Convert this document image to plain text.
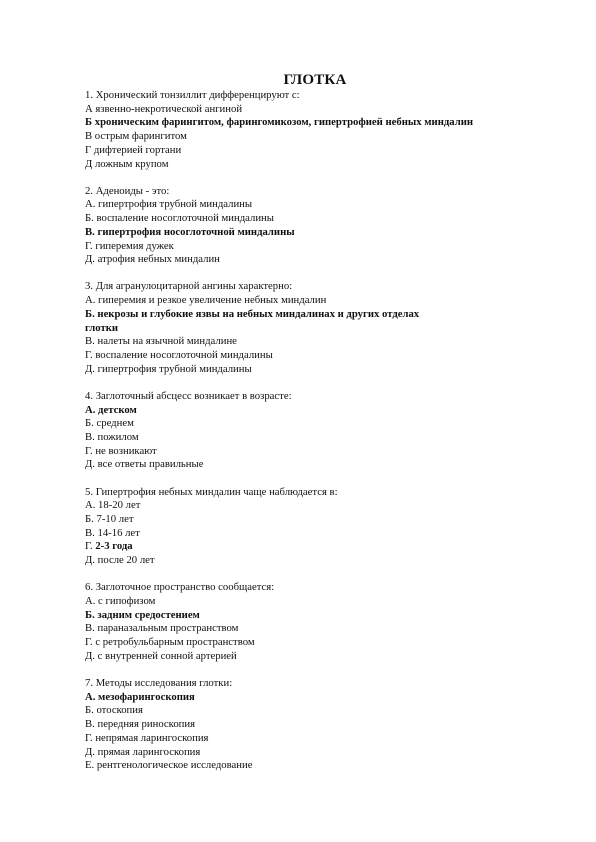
ГЛОТКА
1. Хронический тонзиллит дифференцируют с:
А язвенно-некротической ангиной
Б хроническим фарингитом, фарингомикозом, гипертрофией небных миндалин
В острым фарингитом
Г дифтерией гортани
Д ложным крупом
2. Аденоиды - это:
А. гипертрофия трубной миндалины
Б. воспаление носоглоточной миндалины
В. гипертрофия носоглоточной миндалины
Г. гиперемия дужек
Д. атрофия небных миндалин
3. Для агранулоцитарной ангины характерно:
А. гиперемия и резкое увеличение небных миндалин
Б. некрозы и глубокие язвы на небных миндалинах и других отделах
глотки
В. налеты на язычной миндалине
Г. воспаление носоглоточной миндалины
Д. гипертрофия трубной миндалины
4. Заглоточный абсцесс возникает в возрасте:
А. детском
Б. среднем
В. пожилом
Г. не возникают
Д. все ответы правильные
5. Гипертрофия небных миндалин чаще наблюдается в:
А. 18-20 лет
Б. 7-10 лет
В. 14-16 лет
Г. 2-3 года
Д. после 20 лет
6. Заглоточное пространство сообщается:
А. с гипофизом
Б. задним средостением
В. параназальным пространством
Г. с ретробульбарным пространством
Д. с внутренней сонной артерией
7. Методы исследования глотки:
А. мезофарингоскопия
Б. отоскопия
В. передняя риноскопия
Г. непрямая ларингоскопия
Д. прямая ларингоскопия
Е. рентгенологическое исследование
